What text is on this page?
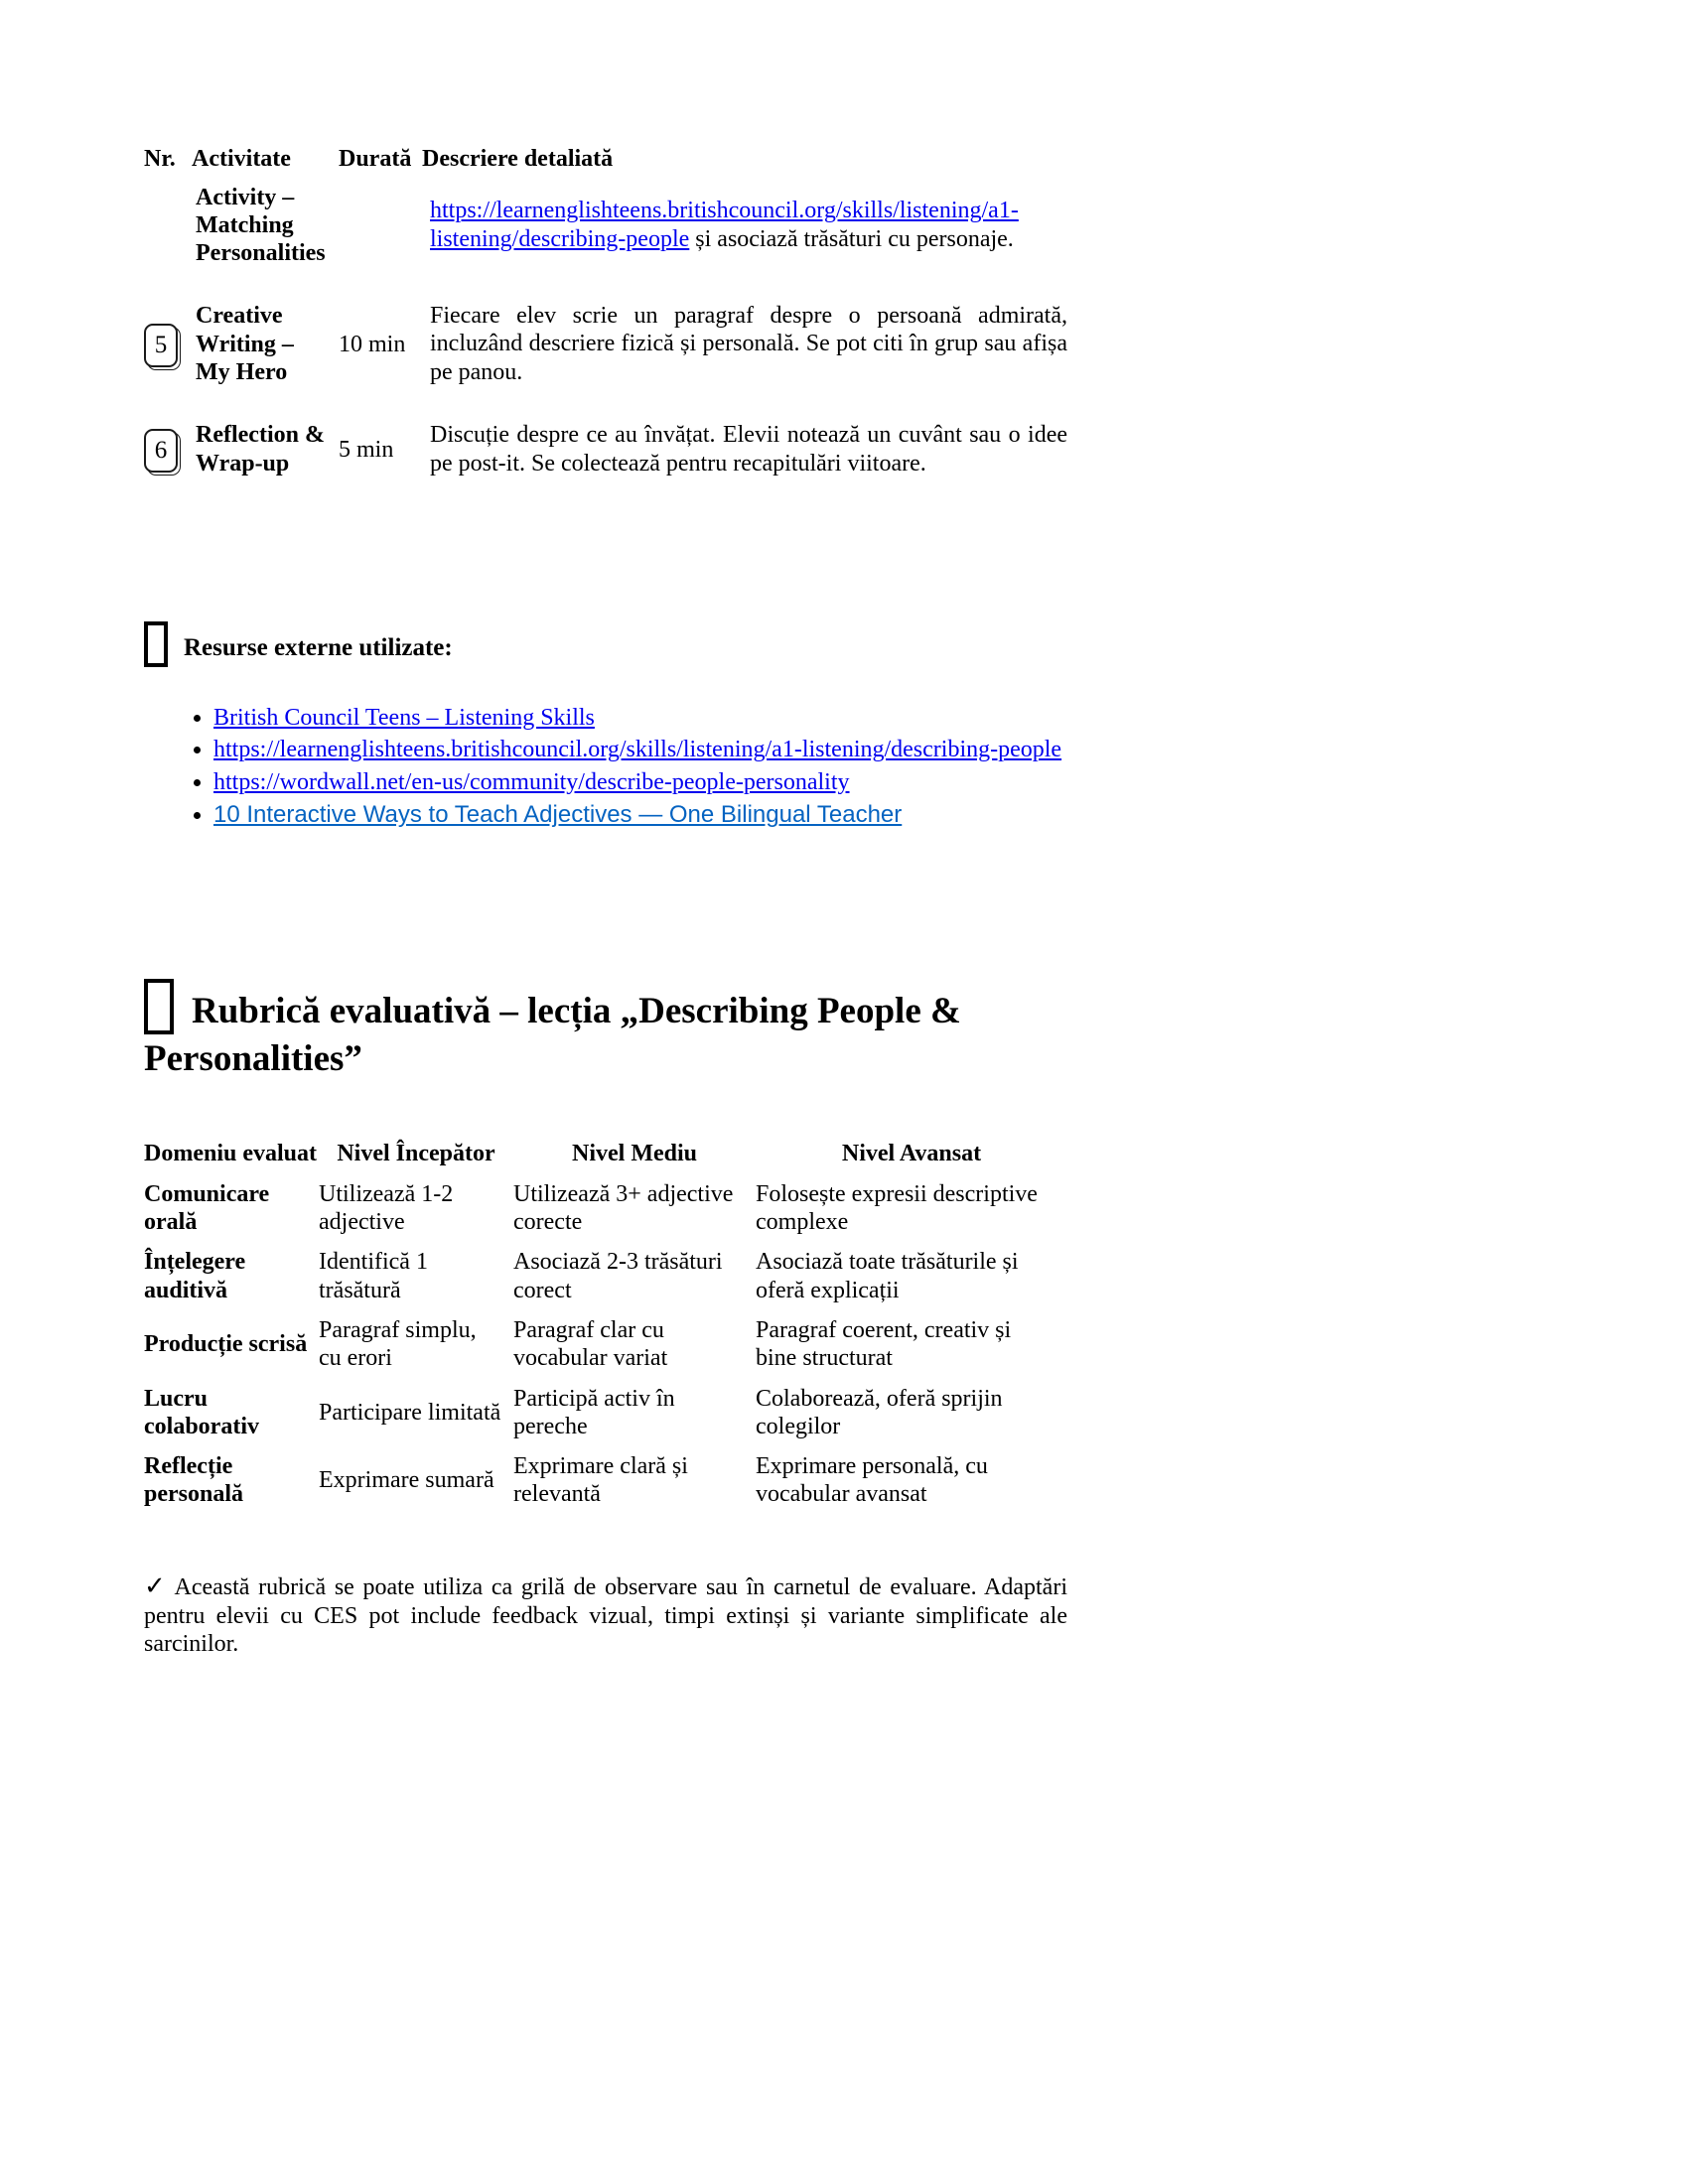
Nr.	Activitate	Durată	Descriere detaliată
	Activity – Matching Personalities		https://learnenglishteens.britishcouncil.org/skills/listening/a1-listening/describing-people și asociază trăsături cu personaje.
5	Creative Writing – My Hero	10 min	Fiecare elev scrie un paragraf despre o persoană admirată, incluzând descriere fizică și personală. Se pot citi în grup sau afișa pe panou.
6	Reflection & Wrap-up	5 min	Discuție despre ce au învățat. Elevii notează un cuvânt sau o idee pe post-it. Se colectează pentru recapitulări viitoare.
Resurse externe utilizate:
• British Council Teens – Listening Skills
• https://learnenglishteens.britishcouncil.org/skills/listening/a1-listening/describing-people
• https://wordwall.net/en-us/community/describe-people-personality
• 10 Interactive Ways to Teach Adjectives — One Bilingual Teacher
Rubrică evaluativă – lecția „Describing People & Personalities”
Domeniu evaluat	Nivel Începător	Nivel Mediu	Nivel Avansat
Comunicare orală	Utilizează 1-2 adjective	Utilizează 3+ adjective corecte	Folosește expresii descriptive complexe
Înțelegere auditivă	Identifică 1 trăsătură	Asociază 2-3 trăsături corect	Asociază toate trăsăturile și oferă explicații
Producție scrisă	Paragraf simplu, cu erori	Paragraf clar cu vocabular variat	Paragraf coerent, creativ și bine structurat
Lucru colaborativ	Participare limitată	Participă activ în pereche	Colaborează, oferă sprijin colegilor
Reflecție personală	Exprimare sumară	Exprimare clară și relevantă	Exprimare personală, cu vocabular avansat

✓ Această rubrică se poate utiliza ca grilă de observare sau în carnetul de evaluare. Adaptări pentru elevii cu CES pot include feedback vizual, timpi extinși și variante simplificate ale sarcinilor.
